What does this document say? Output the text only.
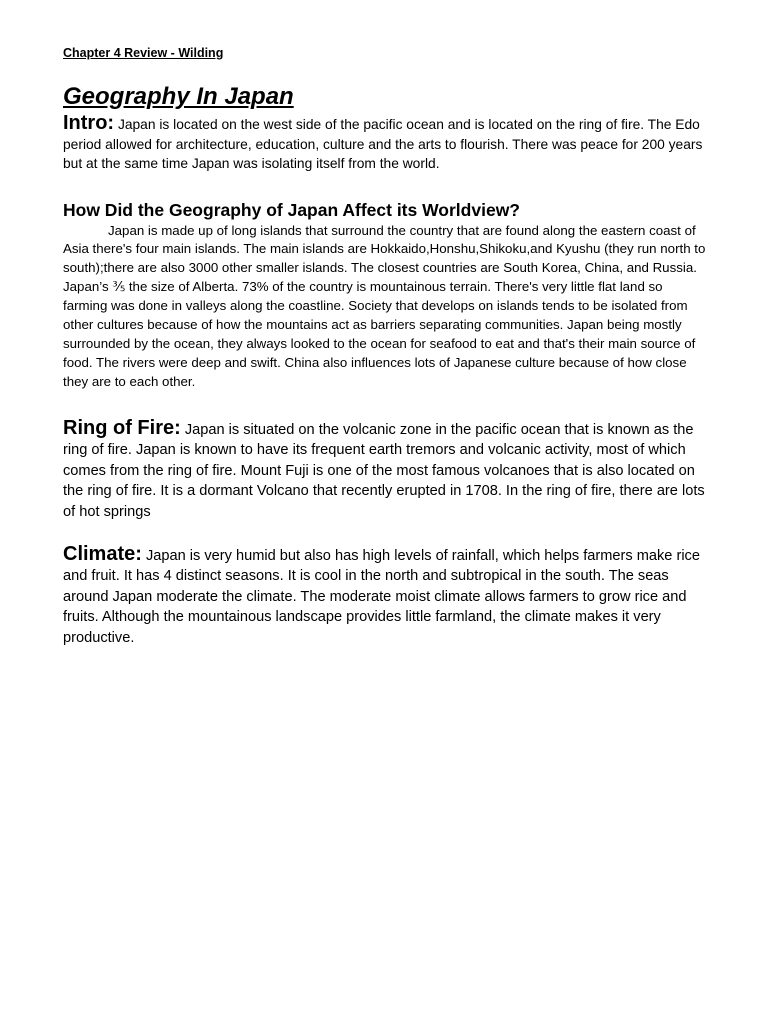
Chapter 4 Review - Wilding

Geography In Japan

Intro: Japan is located on the west side of the pacific ocean and is located on the ring of fire. The Edo period allowed for architecture, education, culture and the arts to flourish. There was peace for 200 years but at the same time Japan was isolating itself from the world.

How Did the Geography of Japan Affect its Worldview?

Japan is made up of long islands that surround the country that are found along the eastern coast of Asia there's four main islands. The main islands are Hokkaido,Honshu,Shikoku,and Kyushu (they run north to south);there are also 3000 other smaller islands. The closest countries are South Korea, China, and Russia. Japan’s ⅗ the size of Alberta. 73% of the country is mountainous terrain. There's very little flat land so farming was done in valleys along the coastline. Society that develops on islands tends to be isolated from other cultures because of how the mountains act as barriers separating communities. Japan being mostly surrounded by the ocean, they always looked to the ocean for seafood to eat and that's their main source of food. The rivers were deep and swift. China also influences lots of Japanese culture because of how close they are to each other.

Ring of Fire: Japan is situated on the volcanic zone in the pacific ocean that is known as the ring of fire. Japan is known to have its frequent earth tremors and volcanic activity, most of which comes from the ring of fire. Mount Fuji is one of the most famous volcanoes that is also located on the ring of fire. It is a dormant Volcano that recently erupted in 1708. In the ring of fire, there are lots of hot springs

Climate: Japan is very humid but also has high levels of rainfall, which helps farmers make rice and fruit. It has 4 distinct seasons. It is cool in the north and subtropical in the south. The seas around Japan moderate the climate. The moderate moist climate allows farmers to grow rice and fruits. Although the mountainous landscape provides little farmland, the climate makes it very productive.
